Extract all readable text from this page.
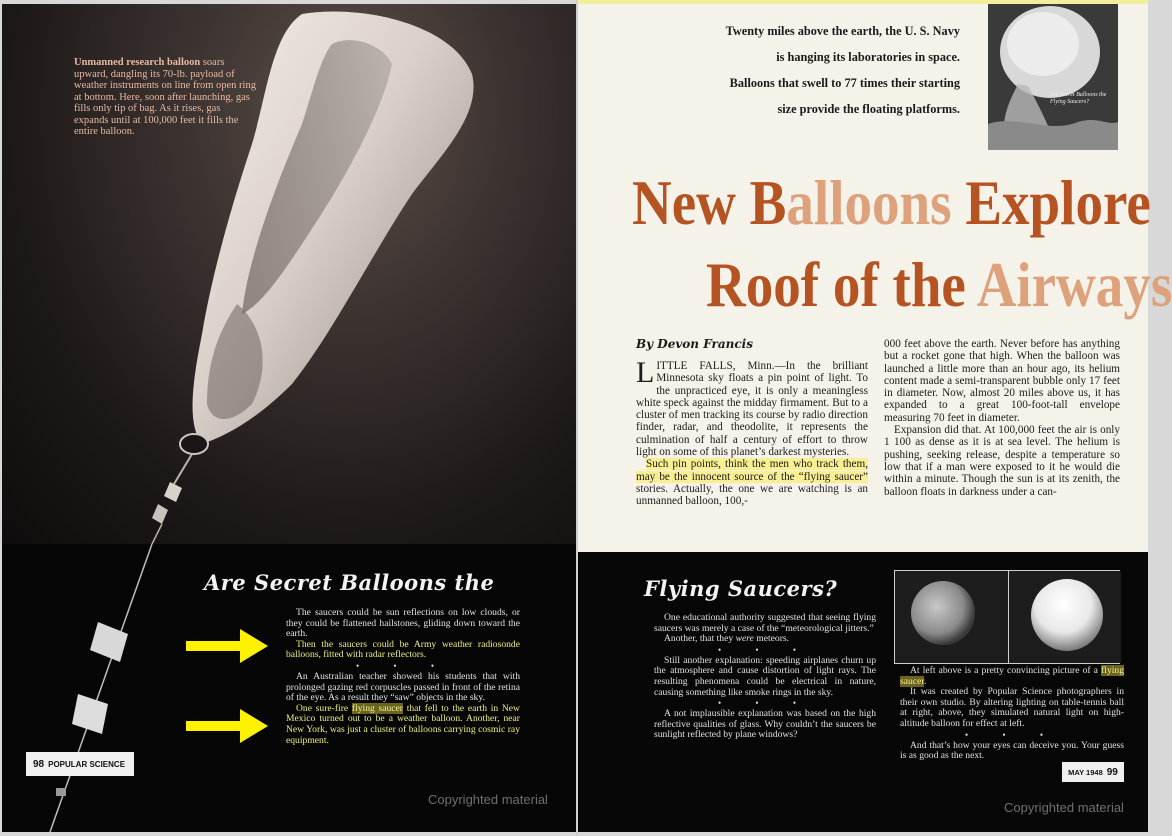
Unmanned research balloon soars upward, dangling its 70-lb. payload of weather instruments on line from open ring at bottom. Here, soon after launching, gas fills only tip of bag. As it rises, gas expands until at 100,000 feet it fills the entire balloon.
Are Secret Balloons the

The saucers could be sun reflections on low clouds, or they could be flattened hailstones, gliding down toward the earth.

Then the saucers could be Army weather radiosonde balloons, fitted with radar reflectors.

• • •

An Australian teacher showed his students that with prolonged gazing red corpuscles passed in front of the retina of the eye. As a result they “saw” objects in the sky.

One sure-fire flying saucer that fell to the earth in New Mexico turned out to be a weather balloon. Another, near New York, was just a cluster of balloons carrying cosmic ray equipment.

98 POPULAR SCIENCE
Copyrighted material
Twenty miles above the earth, the U. S. Navy
is hanging its laboratories in space.
Balloons that swell to 77 times their starting
size provide the floating platforms.
Are Secret Balloons the Flying Saucers?
New Balloons Explore
Roof of the Airways
By Devon Francis

LITTLE FALLS, Minn.—In the brilliant Minnesota sky floats a pin point of light. To the unpracticed eye, it is only a meaningless white speck against the midday firmament. But to a cluster of men tracking its course by radio direction finder, radar, and theodolite, it represents the culmination of half a century of effort to throw light on some of this planet’s darkest mysteries.

Such pin points, think the men who track them, may be the innocent source of the “flying saucer” stories. Actually, the one we are watching is an unmanned balloon, 100,-

000 feet above the earth. Never before has anything but a rocket gone that high. When the balloon was launched a little more than an hour ago, its helium content made a semi-transparent bubble only 17 feet in diameter. Now, almost 20 miles above us, it has expanded to a great 100-foot-tall envelope measuring 70 feet in diameter.

Expansion did that. At 100,000 feet the air is only 1 100 as dense as it is at sea level. The helium is pushing, seeking release, despite a temperature so low that if a man were exposed to it he would die within a minute. Though the sun is at its zenith, the balloon floats in darkness under a can-

Flying Saucers?

One educational authority suggested that seeing flying saucers was merely a case of the “meteorological jitters.”

Another, that they were meteors.

• • •

Still another explanation: speeding airplanes churn up the atmosphere and cause distortion of light rays. The resulting phenomena could be electrical in nature, causing something like smoke rings in the sky.

• • •

A not implausible explanation was based on the high reflective qualities of glass. Why couldn’t the saucers be sunlight reflected by plane windows?

At left above is a pretty convincing picture of a flying saucer.

It was created by Popular Science photographers in their own studio. By altering lighting on table-tennis ball at right, above, they simulated natural light on high-altitude balloon for effect at left.

• • •

And that’s how your eyes can deceive you. Your guess is as good as the next.

MAY 1948 99
Copyrighted material
